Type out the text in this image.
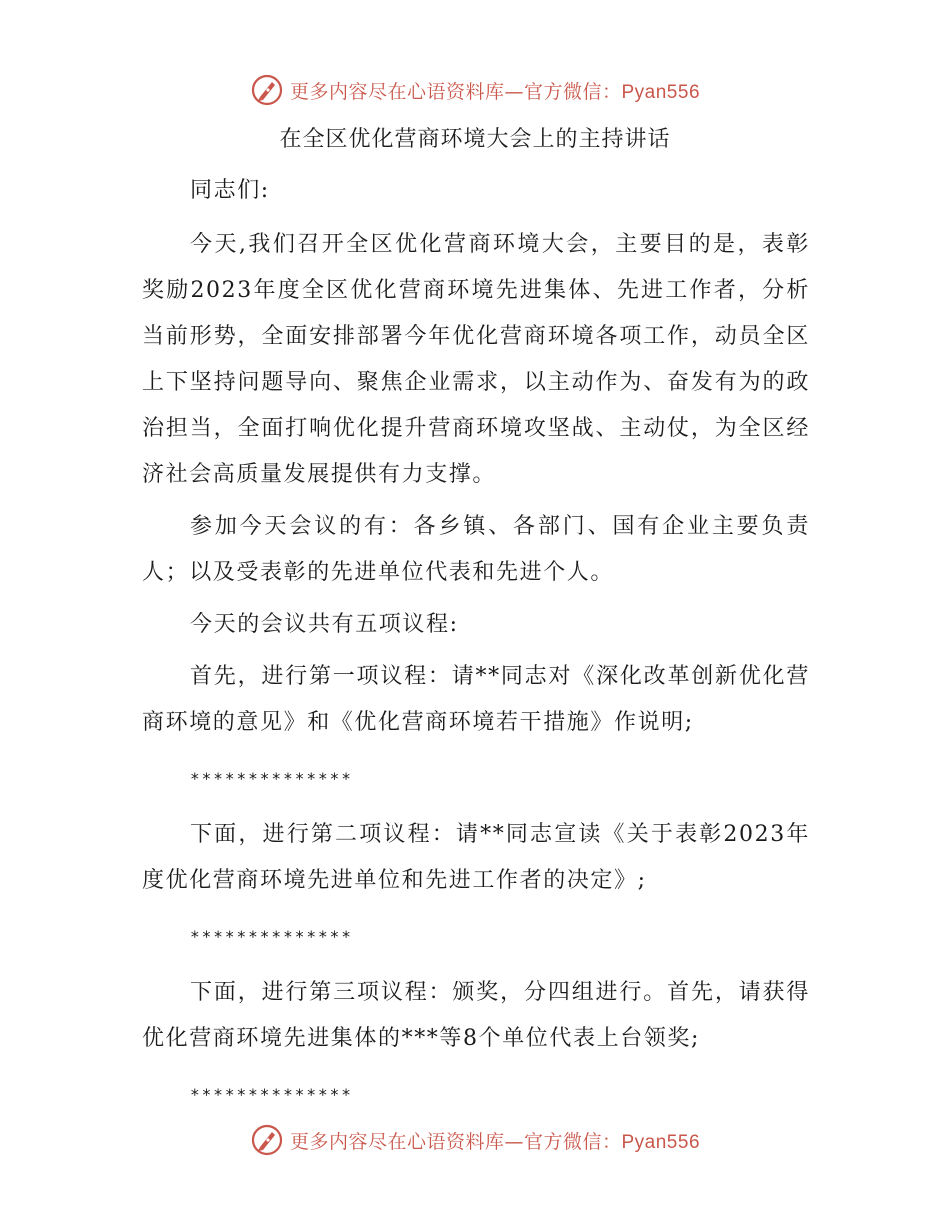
更多内容尽在心语资料库—官方微信：Pyan556
在全区优化营商环境大会上的主持讲话

同志们:

今天,我们召开全区优化营商环境大会，主要目的是，表彰奖励2023年度全区优化营商环境先进集体、先进工作者，分析当前形势，全面安排部署今年优化营商环境各项工作，动员全区上下坚持问题导向、聚焦企业需求，以主动作为、奋发有为的政治担当，全面打响优化提升营商环境攻坚战、主动仗，为全区经济社会高质量发展提供有力支撑。

参加今天会议的有：各乡镇、各部门、国有企业主要负责人；以及受表彰的先进单位代表和先进个人。

今天的会议共有五项议程:

首先，进行第一项议程：请**同志对《深化改革创新优化营商环境的意见》和《优化营商环境若干措施》作说明;

**************

下面，进行第二项议程：请**同志宣读《关于表彰2023年度优化营商环境先进单位和先进工作者的决定》;

**************

下面，进行第三项议程：颁奖，分四组进行。首先，请获得优化营商环境先进集体的***等8个单位代表上台领奖;

**************

更多内容尽在心语资料库—官方微信：Pyan556
